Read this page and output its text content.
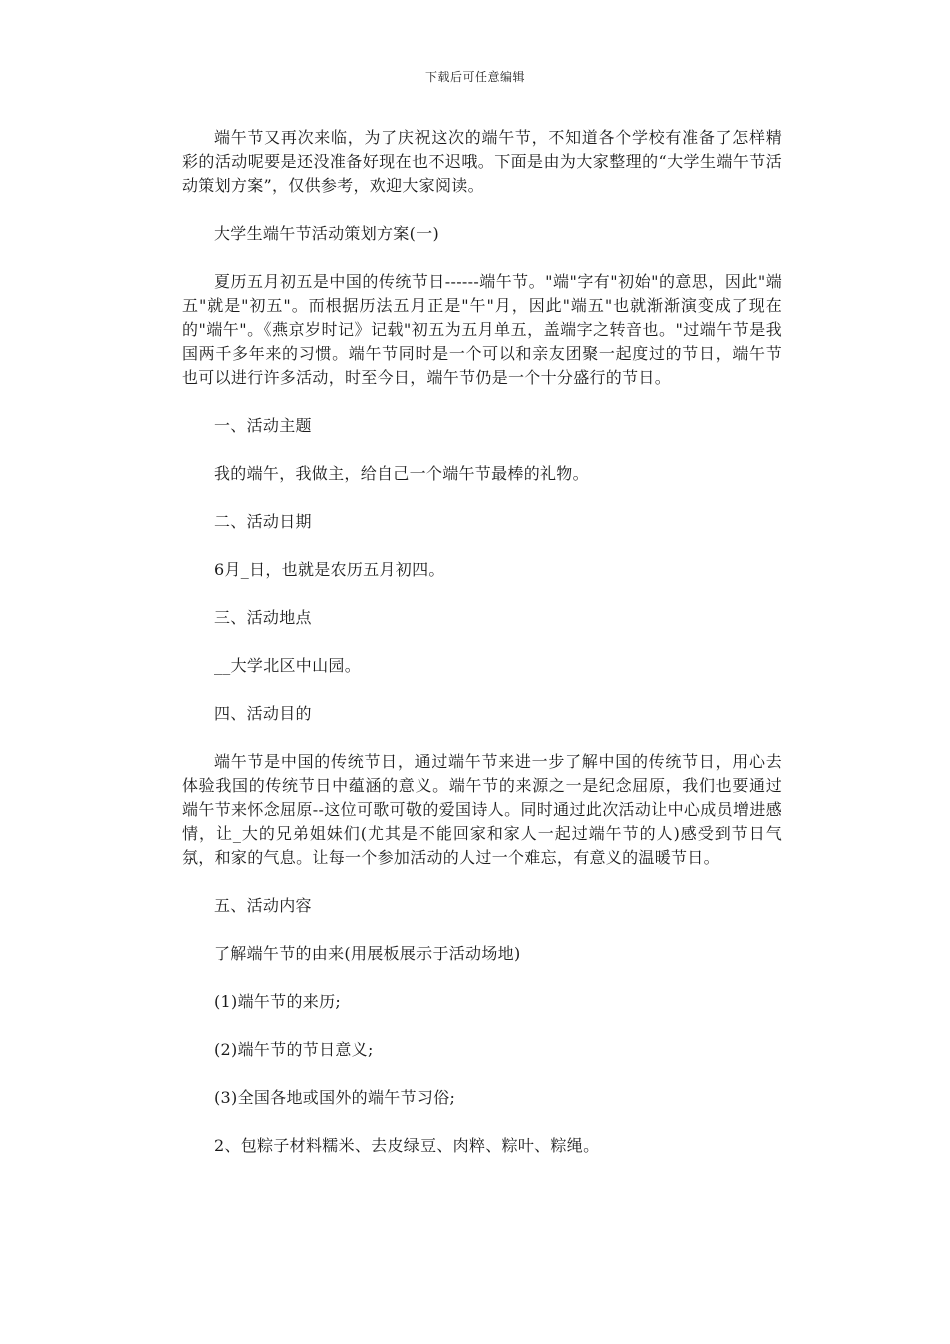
下载后可任意编辑

端午节又再次来临，为了庆祝这次的端午节，不知道各个学校有准备了怎样精彩的活动呢要是还没准备好现在也不迟哦。下面是由为大家整理的“大学生端午节活动策划方案”，仅供参考，欢迎大家阅读。

大学生端午节活动策划方案(一)

夏历五月初五是中国的传统节日------端午节。"端"字有"初始"的意思，因此"端五"就是"初五"。而根据历法五月正是"午"月，因此"端五"也就渐渐演变成了现在的"端午"。《燕京岁时记》记载"初五为五月单五，盖端字之转音也。"过端午节是我国两千多年来的习惯。端午节同时是一个可以和亲友团聚一起度过的节日，端午节也可以进行许多活动，时至今日，端午节仍是一个十分盛行的节日。

一、活动主题

我的端午，我做主，给自己一个端午节最棒的礼物。

二、活动日期

6月_日，也就是农历五月初四。

三、活动地点

__大学北区中山园。

四、活动目的

端午节是中国的传统节日，通过端午节来进一步了解中国的传统节日，用心去体验我国的传统节日中蕴涵的意义。端午节的来源之一是纪念屈原，我们也要通过端午节来怀念屈原--这位可歌可敬的爱国诗人。同时通过此次活动让中心成员增进感情，让_大的兄弟姐妹们(尤其是不能回家和家人一起过端午节的人)感受到节日气氛，和家的气息。让每一个参加活动的人过一个难忘，有意义的温暖节日。

五、活动内容

了解端午节的由来(用展板展示于活动场地)

(1)端午节的来历;

(2)端午节的节日意义;

(3)全国各地或国外的端午节习俗;

2、包粽子材料糯米、去皮绿豆、肉粹、粽叶、粽绳。
